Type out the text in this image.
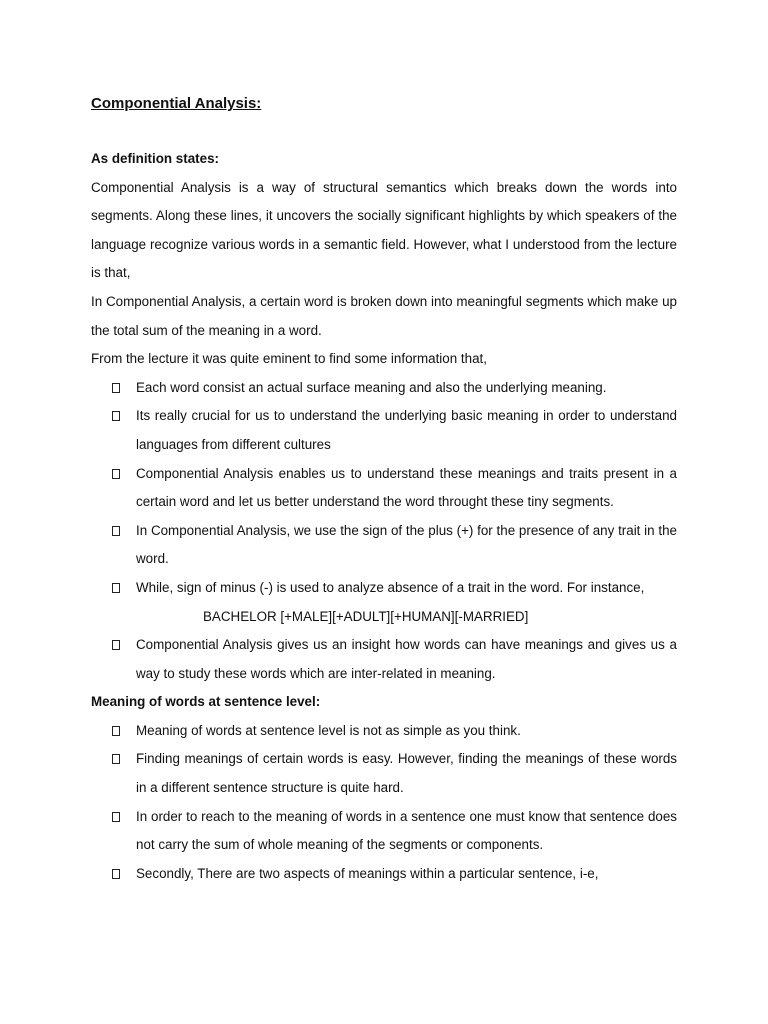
Componential Analysis:

As definition states:

Componential Analysis is a way of structural semantics which breaks down the words into segments. Along these lines, it uncovers the socially significant highlights by which speakers of the language recognize various words in a semantic field. However, what I understood from the lecture is that,

In Componential Analysis, a certain word is broken down into meaningful segments which make up the total sum of the meaning in a word.

From the lecture it was quite eminent to find some information that,

Each word consist an actual surface meaning and also the underlying meaning.
Its really crucial for us to understand the underlying basic meaning in order to understand languages from different cultures
Componential Analysis enables us to understand these meanings and traits present in a certain word and let us better understand the word throught these tiny segments.
In Componential Analysis, we use the sign of the plus (+) for the presence of any trait in the word.
While, sign of minus (-) is used to analyze absence of a trait in the word. For instance,
BACHELOR [+MALE][+ADULT][+HUMAN][-MARRIED]
Componential Analysis gives us an insight how words can have meanings and gives us a way to study these words which are inter-related in meaning.

Meaning of words at sentence level:

Meaning of words at sentence level is not as simple as you think.
Finding meanings of certain words is easy. However, finding the meanings of these words in a different sentence structure is quite hard.
In order to reach to the meaning of words in a sentence one must know that sentence does not carry the sum of whole meaning of the segments or components.
Secondly, There are two aspects of meanings within a particular sentence, i-e,
